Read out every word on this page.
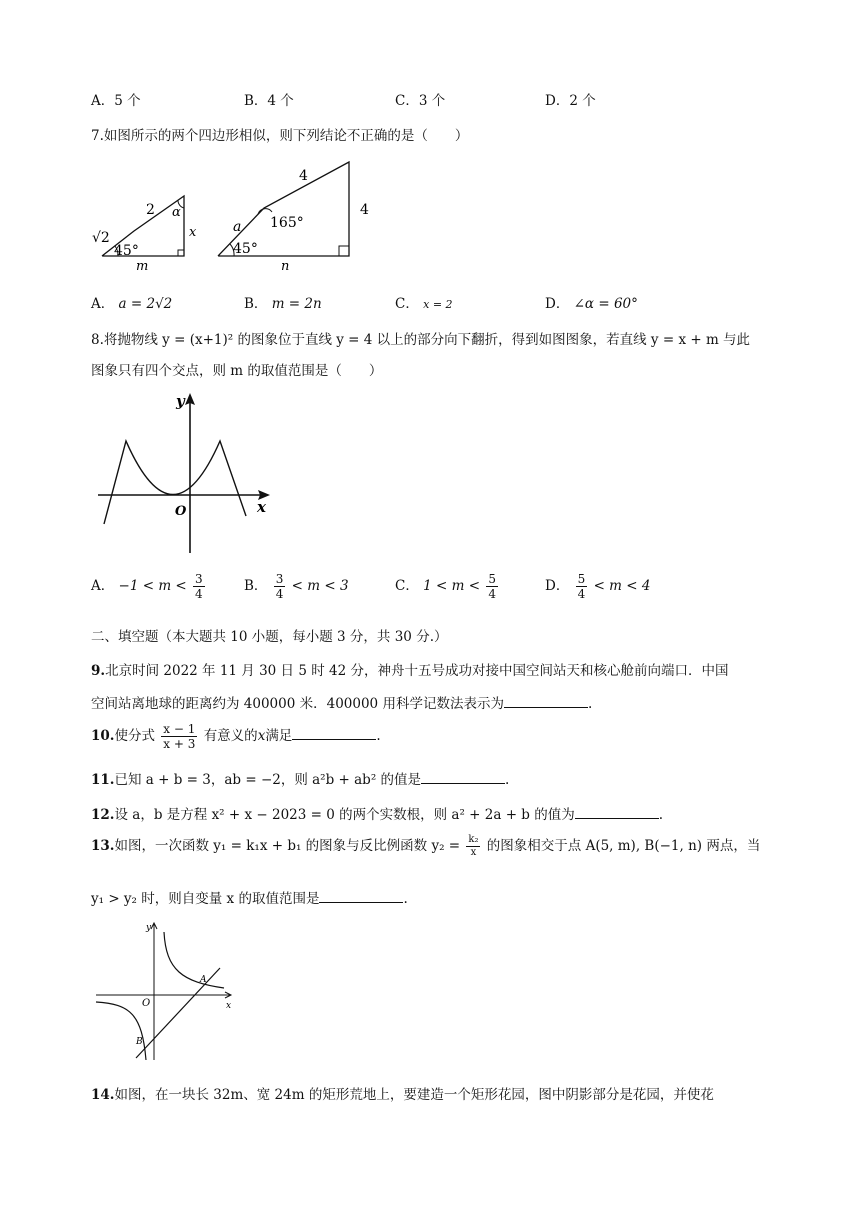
A．5 个	B．4 个	C．3 个	D．2 个
7.如图所示的两个四边形相似，则下列结论不正确的是（　　）
2
√2
45°
α
x
m
4
4
a 165°
45°
n
A． a = 2√2	B． m = 2n	C． x = 2	D． ∠α = 60°
8.将抛物线 y = (x+1)² 的图象位于直线 y = 4 以上的部分向下翻折，得到如图图象，若直线 y = x + m 与此
图象只有四个交点，则 m 的取值范围是（　　）
y
x
O
A． $-1 < m < \frac{3}{4}$	B． $\frac{3}{4} < m < 3$	C． $1 < m < \frac{5}{4}$	D． $\frac{5}{4} < m < 4$
二、填空题（本大题共 10 小题，每小题 3 分，共 30 分.）
9.北京时间 2022 年 11 月 30 日 5 时 42 分，神舟十五号成功对接中国空间站天和核心舱前向端口．中国
空间站离地球的距离约为 400000 米．400000 用科学记数法表示为	.
10.使分式 $\frac{x - 1}{x + 3}$ 有意义的x满足	.
11.已知 a + b = 3，ab = −2，则 a²b + ab² 的值是	.
12.设 a，b 是方程 x² + x − 2023 = 0 的两个实数根，则 a² + 2a + b 的值为	.
13.如图，一次函数 y₁ = k₁x + b₁ 的图象与反比例函数 $y_2 = \frac{\text{k₂}}{x}$ 的图象相交于点 A(5, m), B(−1, n) 两点，当
y₁ > y₂ 时，则自变量 x 的取值范围是	.
y
x
O
A
B
14.如图，在一块长 32m、宽 24m 的矩形荒地上，要建造一个矩形花园，图中阴影部分是花园，并使花
